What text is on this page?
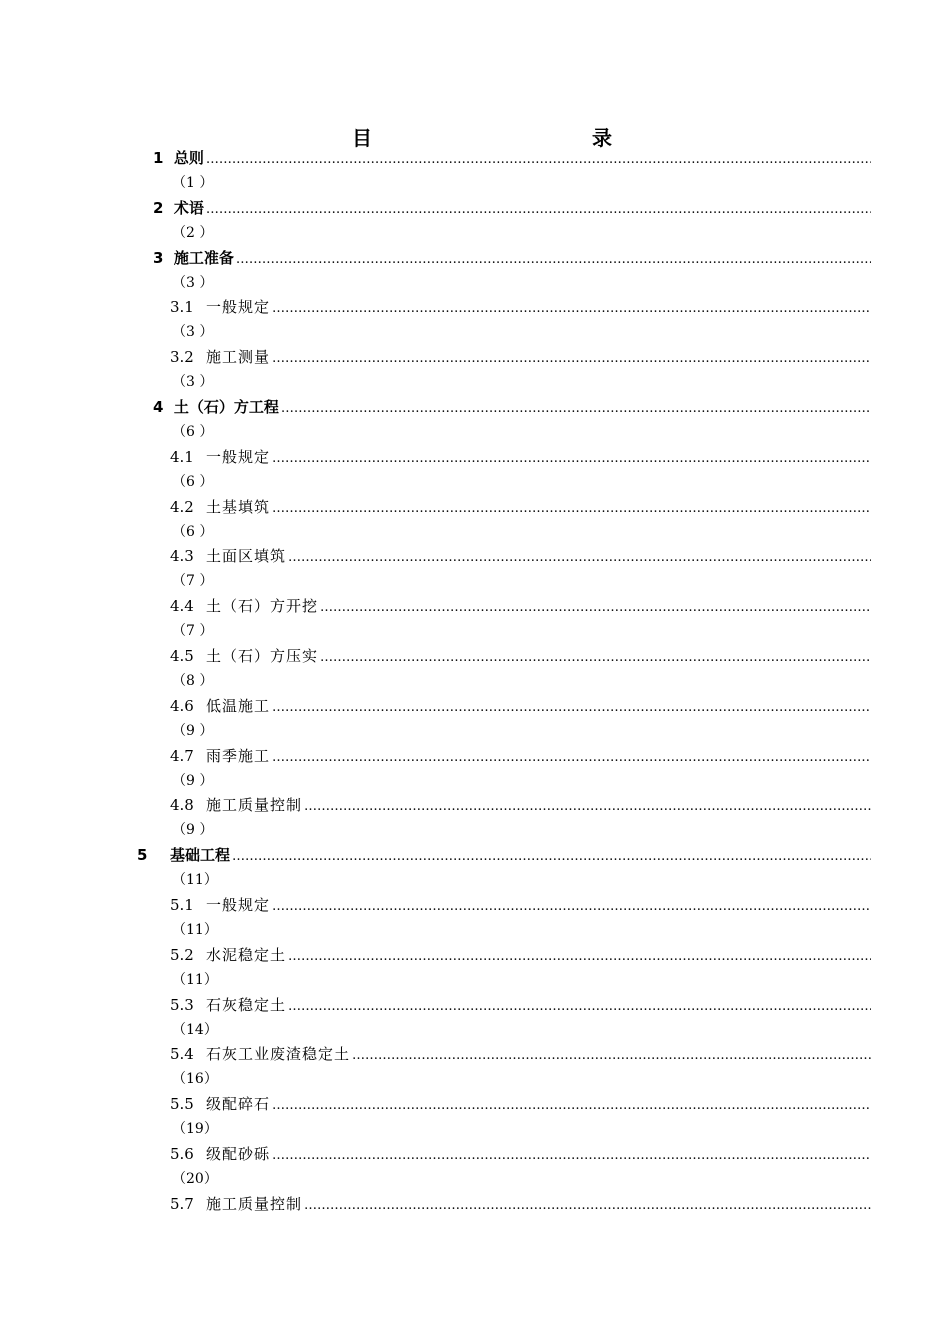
目　　录
1  总则
……………………………………………………………………………………………………………………………………………………………………………………………………………………………………………………
（1 ）
2  术语
……………………………………………………………………………………………………………………………………………………………………………………………………………………………………………………
（2 ）
3  施工准备
……………………………………………………………………………………………………………………………………………………………………………………………………………………………………………………
（3 ）
3.1 一般规定
……………………………………………………………………………………………………………………………………………………………………………………………………………………………………………………
（3 ）
3.2 施工测量
……………………………………………………………………………………………………………………………………………………………………………………………………………………………………………………
（3 ）
4  土（石）方工程
……………………………………………………………………………………………………………………………………………………………………………………………………………………………………………………
（6 ）
4.1 一般规定
……………………………………………………………………………………………………………………………………………………………………………………………………………………………………………………
（6 ）
4.2 土基填筑
……………………………………………………………………………………………………………………………………………………………………………………………………………………………………………………
（6 ）
4.3 土面区填筑
……………………………………………………………………………………………………………………………………………………………………………………………………………………………………………………
（7 ）
4.4 土（石）方开挖
……………………………………………………………………………………………………………………………………………………………………………………………………………………………………………………
（7 ）
4.5 土（石）方压实
……………………………………………………………………………………………………………………………………………………………………………………………………………………………………………………
（8 ）
4.6 低温施工
……………………………………………………………………………………………………………………………………………………………………………………………………………………………………………………
（9 ）
4.7 雨季施工
……………………………………………………………………………………………………………………………………………………………………………………………………………………………………………………
（9 ）
4.8 施工质量控制
……………………………………………………………………………………………………………………………………………………………………………………………………………………………………………………
（9 ）
5 基础工程
……………………………………………………………………………………………………………………………………………………………………………………………………………………………………………………
（11）
5.1 一般规定
……………………………………………………………………………………………………………………………………………………………………………………………………………………………………………………
（11）
5.2 水泥稳定土
……………………………………………………………………………………………………………………………………………………………………………………………………………………………………………………
（11）
5.3 石灰稳定土
……………………………………………………………………………………………………………………………………………………………………………………………………………………………………………………
（14）
5.4 石灰工业废渣稳定土
……………………………………………………………………………………………………………………………………………………………………………………………………………………………………………………
（16）
5.5 级配碎石
……………………………………………………………………………………………………………………………………………………………………………………………………………………………………………………
（19）
5.6 级配砂砾
……………………………………………………………………………………………………………………………………………………………………………………………………………………………………………………
（20）
5.7 施工质量控制
……………………………………………………………………………………………………………………………………………………………………………………………………………………………………………………
